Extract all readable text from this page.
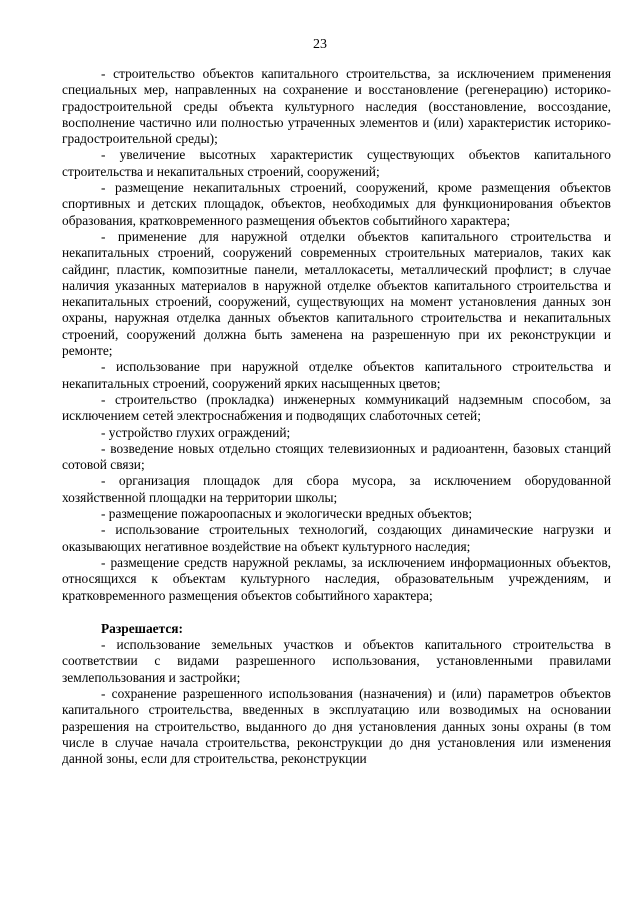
23

- строительство объектов капитального строительства, за исключением применения специальных мер, направленных на сохранение и восстановление (регенерацию) историко-градостроительной среды объекта культурного наследия (восстановление, воссоздание, восполнение частично или полностью утраченных элементов и (или) характеристик историко-градостроительной среды);

- увеличение высотных характеристик существующих объектов капитального строительства и некапитальных строений, сооружений;

- размещение некапитальных строений, сооружений, кроме размещения объектов спортивных и детских площадок, объектов, необходимых для функционирования объектов образования, кратковременного размещения объектов событийного характера;

- применение для наружной отделки объектов капитального строительства и некапитальных строений, сооружений современных строительных материалов, таких как сайдинг, пластик, композитные панели, металлокасеты, металлический профлист; в случае наличия указанных материалов в наружной отделке объектов капитального строительства и некапитальных строений, сооружений, существующих на момент установления данных зон охраны, наружная отделка данных объектов капитального строительства и некапитальных строений, сооружений должна быть заменена на разрешенную при их реконструкции и ремонте;

- использование при наружной отделке объектов капитального строительства и некапитальных строений, сооружений ярких насыщенных цветов;

- строительство (прокладка) инженерных коммуникаций надземным способом, за исключением сетей электроснабжения и подводящих слаботочных сетей;

- устройство глухих ограждений;

- возведение новых отдельно стоящих телевизионных и радиоантенн, базовых станций сотовой связи;

- организация площадок для сбора мусора, за исключением оборудованной хозяйственной площадки на территории школы;

- размещение пожароопасных и экологически вредных объектов;

- использование строительных технологий, создающих динамические нагрузки и оказывающих негативное воздействие на объект культурного наследия;

- размещение средств наружной рекламы, за исключением информационных объектов, относящихся к объектам культурного наследия, образовательным учреждениям, и кратковременного размещения объектов событийного характера;

Разрешается:

- использование земельных участков и объектов капитального строительства в соответствии с видами разрешенного использования, установленными правилами землепользования и застройки;

- сохранение разрешенного использования (назначения) и (или) параметров объектов капитального строительства, введенных в эксплуатацию или возводимых на основании разрешения на строительство, выданного до дня установления данных зоны охраны (в том числе в случае начала строительства, реконструкции до дня установления или изменения данной зоны, если для строительства, реконструкции
